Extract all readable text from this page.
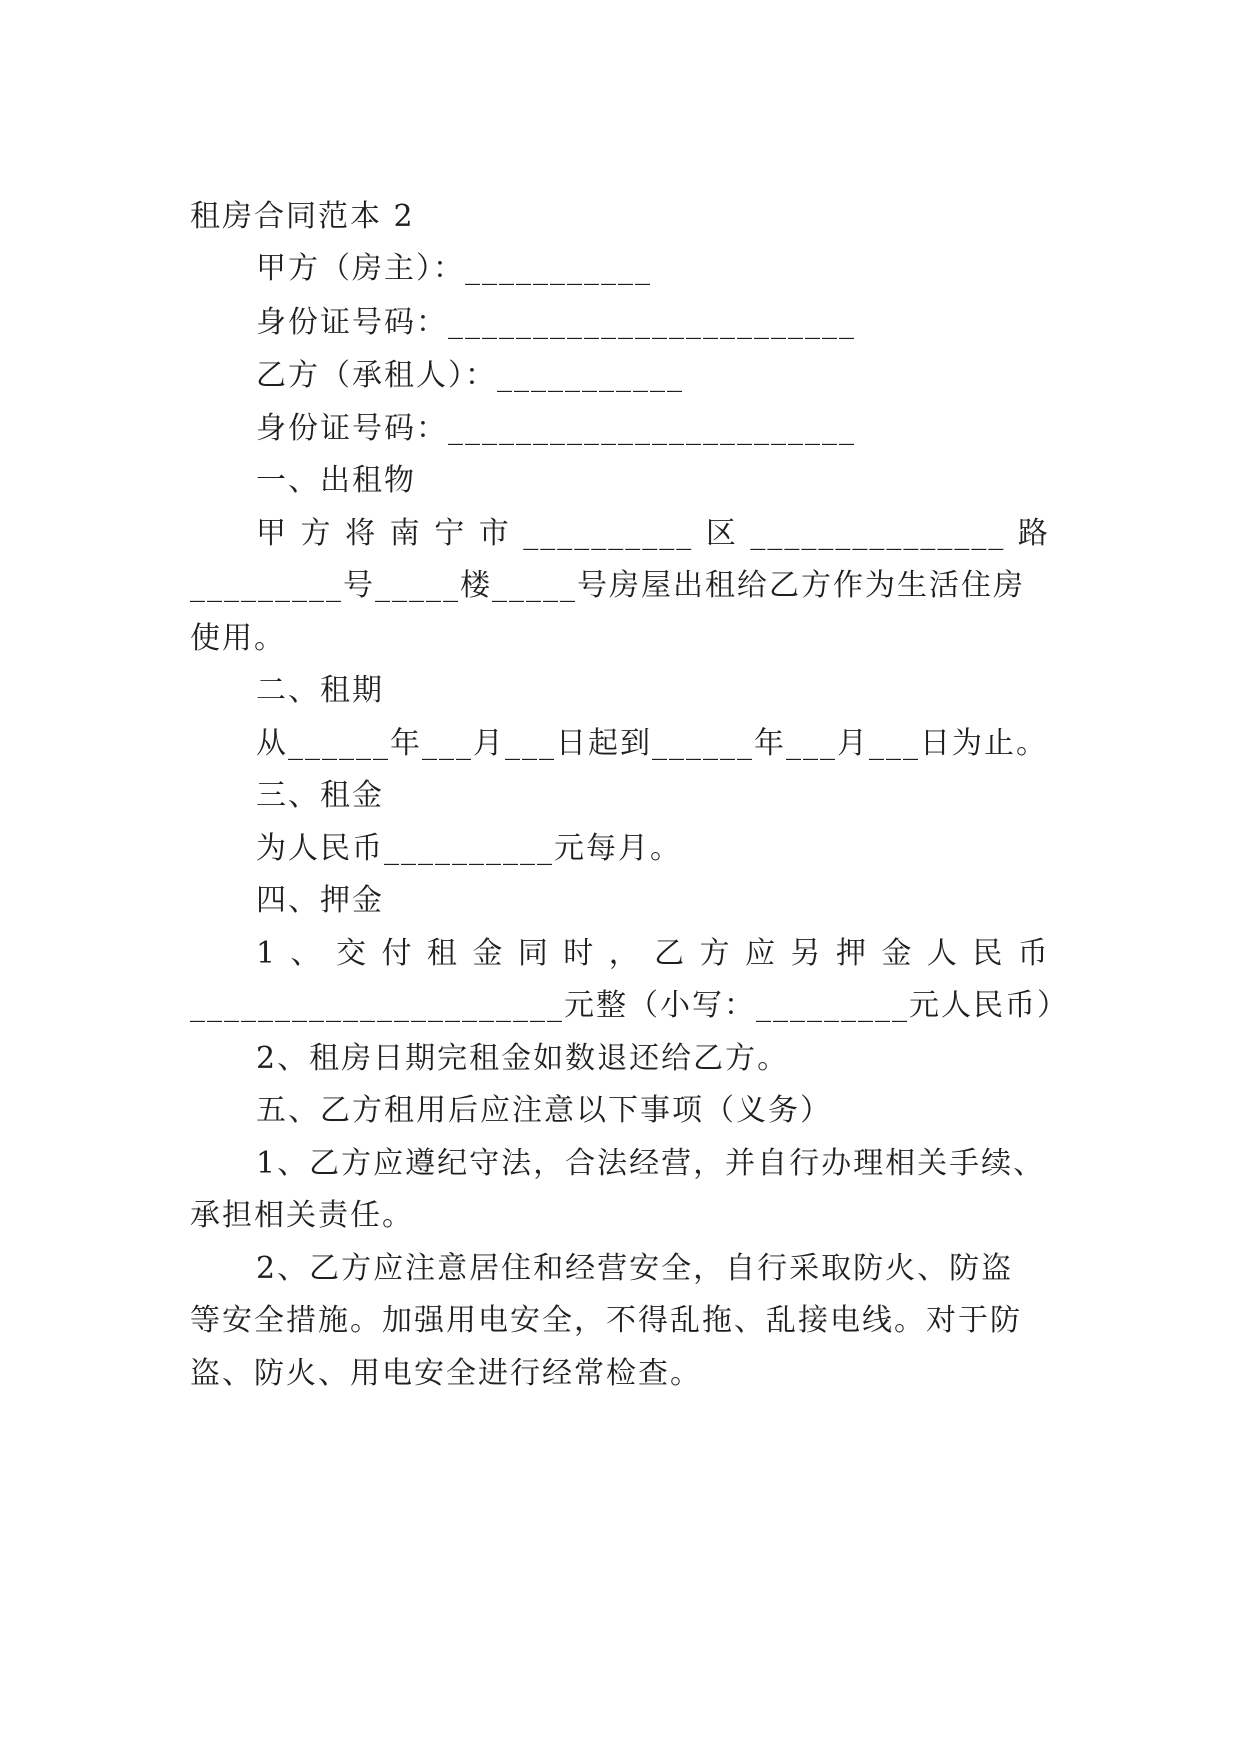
租房合同范本 2
甲方（房主）：___________
身份证号码：________________________
乙方（承租人）：___________
身份证号码：________________________
一、出租物
甲 方 将 南 宁 市 __________ 区 _______________ 路
_________号_____楼_____号房屋出租给乙方作为生活住房
使用。
二、租期
从______年___月___日起到______年___月___日为止。
三、租金
为人民币__________元每月。
四、押金
1 、 交 付 租 金 同 时 ， 乙 方 应 另 押 金 人 民 币
______________________元整（小写：_________元人民币）
2、租房日期完租金如数退还给乙方。
五、乙方租用后应注意以下事项（义务）
1、乙方应遵纪守法，合法经营，并自行办理相关手续、
承担相关责任。
2、乙方应注意居住和经营安全，自行采取防火、防盗
等安全措施。加强用电安全，不得乱拖、乱接电线。对于防
盗、防火、用电安全进行经常检查。
